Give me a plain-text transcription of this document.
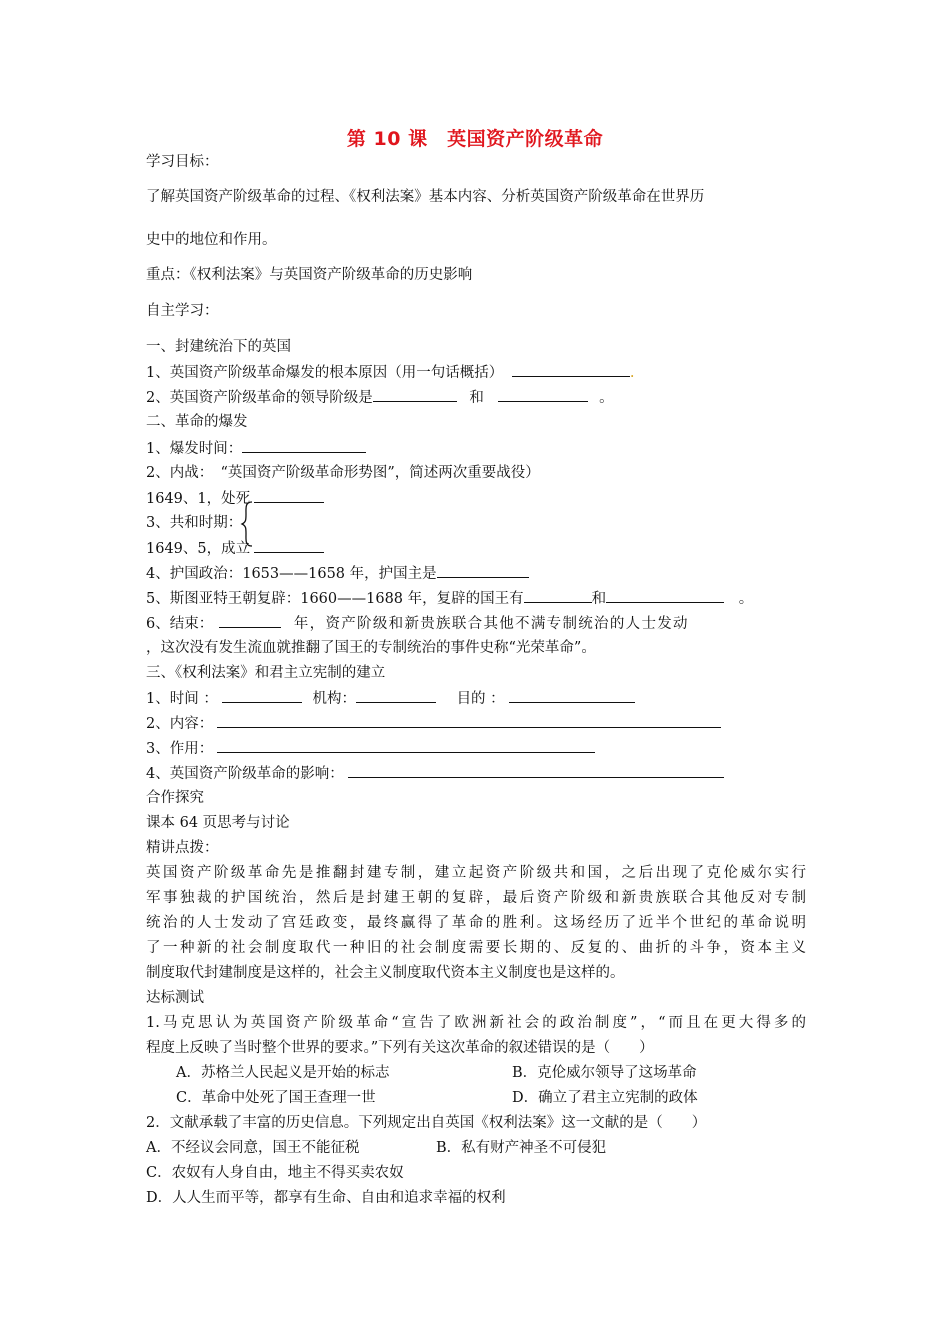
第 10 课　英国资产阶级革命
学习目标：
了解英国资产阶级革命的过程、《权利法案》基本内容、分析英国资产阶级革命在世界历
史中的地位和作用。
重点：《权利法案》与英国资产阶级革命的历史影响
自主学习：
一、封建统治下的英国
1、英国资产阶级革命爆发的根本原因（用一句话概括）	.
2、英国资产阶级革命的领导阶级是	和	。
二、革命的爆发
1、爆发时间：
2、内战：　“英国资产阶级革命形势图”，简述两次重要战役）
1649、1，处死
3、共和时期：
1649、5，成立
4、护国政治：1653——1658 年，护国主是
5、斯图亚特王朝复辟：1660——1688 年，复辟的国王有	和	。
6、结束：	年，资产阶级和新贵族联合其他不满专制统治的人士发动
，这次没有发生流血就推翻了国王的专制统治的事件史称“光荣革命”。
三、《权利法案》和君主立宪制的建立
1、时间 ：	机构：	目的 ：
2、内容：
3、作用：
4、英国资产阶级革命的影响：
合作探究
课本 64 页思考与讨论
精讲点拨：
英国资产阶级革命先是推翻封建专制，建立起资产阶级共和国，之后出现了克伦威尔实行
军事独裁的护国统治，然后是封建王朝的复辟，最后资产阶级和新贵族联合其他反对专制
统治的人士发动了宫廷政变，最终赢得了革命的胜利。这场经历了近半个世纪的革命说明
了一种新的社会制度取代一种旧的社会制度需要长期的、反复的、曲折的斗争，资本主义
制度取代封建制度是这样的，社会主义制度取代资本主义制度也是这样的。
达标测试
1.马克思认为英国资产阶级革命“宣告了欧洲新社会的政治制度”，“而且在更大得多的
程度上反映了当时整个世界的要求。”下列有关这次革命的叙述错误的是（　　）
A．苏格兰人民起义是开始的标志	B．克伦威尔领导了这场革命
C．革命中处死了国王查理一世	D．确立了君主立宪制的政体
2．文献承载了丰富的历史信息。下列规定出自英国《权利法案》这一文献的是（　　）
A．不经议会同意，国王不能征税	B．私有财产神圣不可侵犯
C．农奴有人身自由，地主不得买卖农奴
D．人人生而平等，都享有生命、自由和追求幸福的权利
